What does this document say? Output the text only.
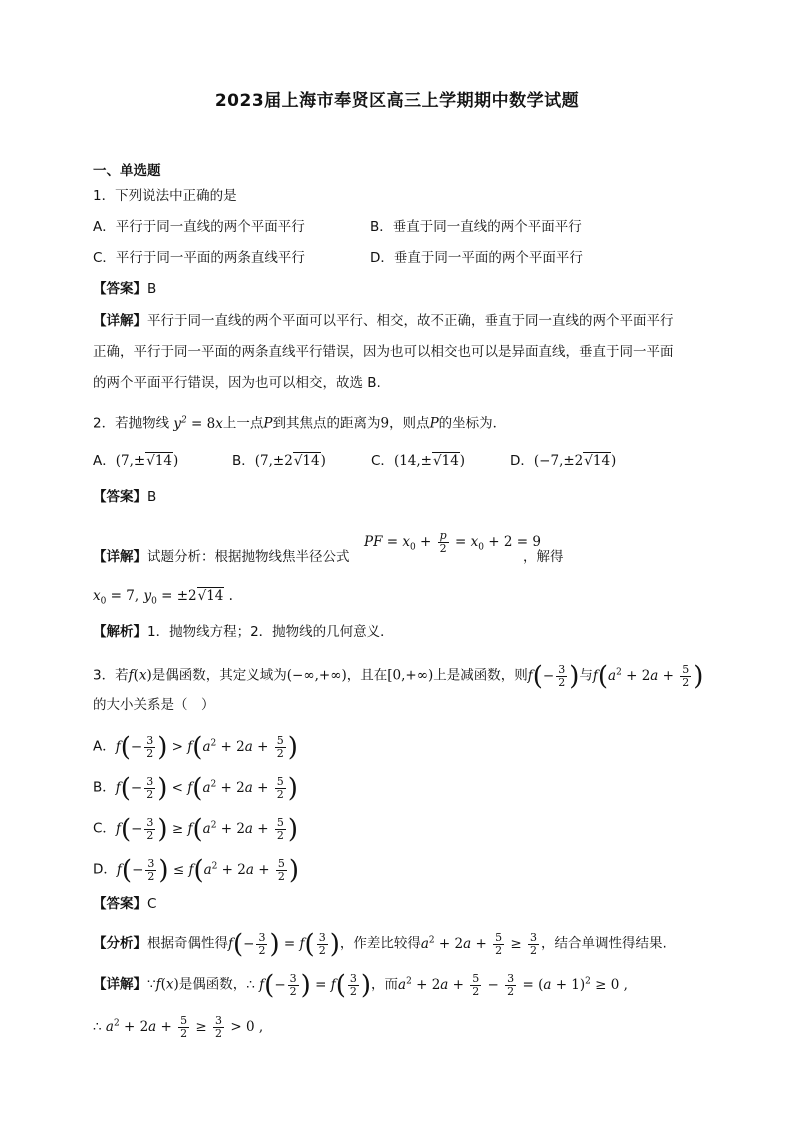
2023届上海市奉贤区高三上学期期中数学试题
一、单选题
1．下列说法中正确的是
A．平行于同一直线的两个平面平行	B．垂直于同一直线的两个平面平行
C．平行于同一平面的两条直线平行	D．垂直于同一平面的两个平面平行
【答案】B
【详解】平行于同一直线的两个平面可以平行、相交，故不正确，垂直于同一直线的两个平面平行
正确，平行于同一平面的两条直线平行错误，因为也可以相交也可以是异面直线，垂直于同一平面
的两个平面平行错误，因为也可以相交，故选 B.
2．若抛物线 $y^2 = 8x$上一点P到其焦点的距离为9，则点P的坐标为．
A．(7,±√14)	B．(7,±2√14)	C．(14,±√14)	D．(−7,±2√14)
【答案】B
PF = $x_0 + \frac{p}{2} = x_0 + 2 = 9$
【详解】试题分析：根据抛物线焦半径公式	，解得
$x_0 = 7$, $y_0 = \pm 2√14$ .
【解析】1．抛物线方程；2．抛物线的几何意义．
3．若f(x)是偶函数，其定义域为(−∞,+∞)，且在[0,+∞)上是减函数，则$f(- \frac{3}{2}$ )与$f(a^2 + 2a + \frac{5}{2}$ )
的大小关系是（　）
A．$f(- \frac{3}{2}$ ) > $f(a^2 + 2a + \frac{5}{2}$ )
B．$f(- \frac{3}{2}$ ) < $f(a^2 + 2a + \frac{5}{2}$ )
C．$f(- \frac{3}{2}$ ) ≥ $f(a^2 + 2a + \frac{5}{2}$ )
D．$f(- \frac{3}{2}$ ) ≤ $f(a^2 + 2a + \frac{5}{2}$ )
【答案】C
【分析】根据奇偶性得$f(- \frac{3}{2}$ ) = $f( \frac{3}{2}$ )，作差比较得$a^2 + 2a + \frac{5}{2} \ge \frac{3}{2}$ ，结合单调性得结果.
【详解】∵f(x)是偶函数，∴ $f(- \frac{3}{2}$ ) = $f( \frac{3}{2}$ )，而$a^2 + 2a + \frac{5}{2} - \frac{3}{2} = (a + 1)^2 \ge 0$ ,
∴ $a^2 + 2a + \frac{5}{2} \ge \frac{3}{2} > 0$ ,
